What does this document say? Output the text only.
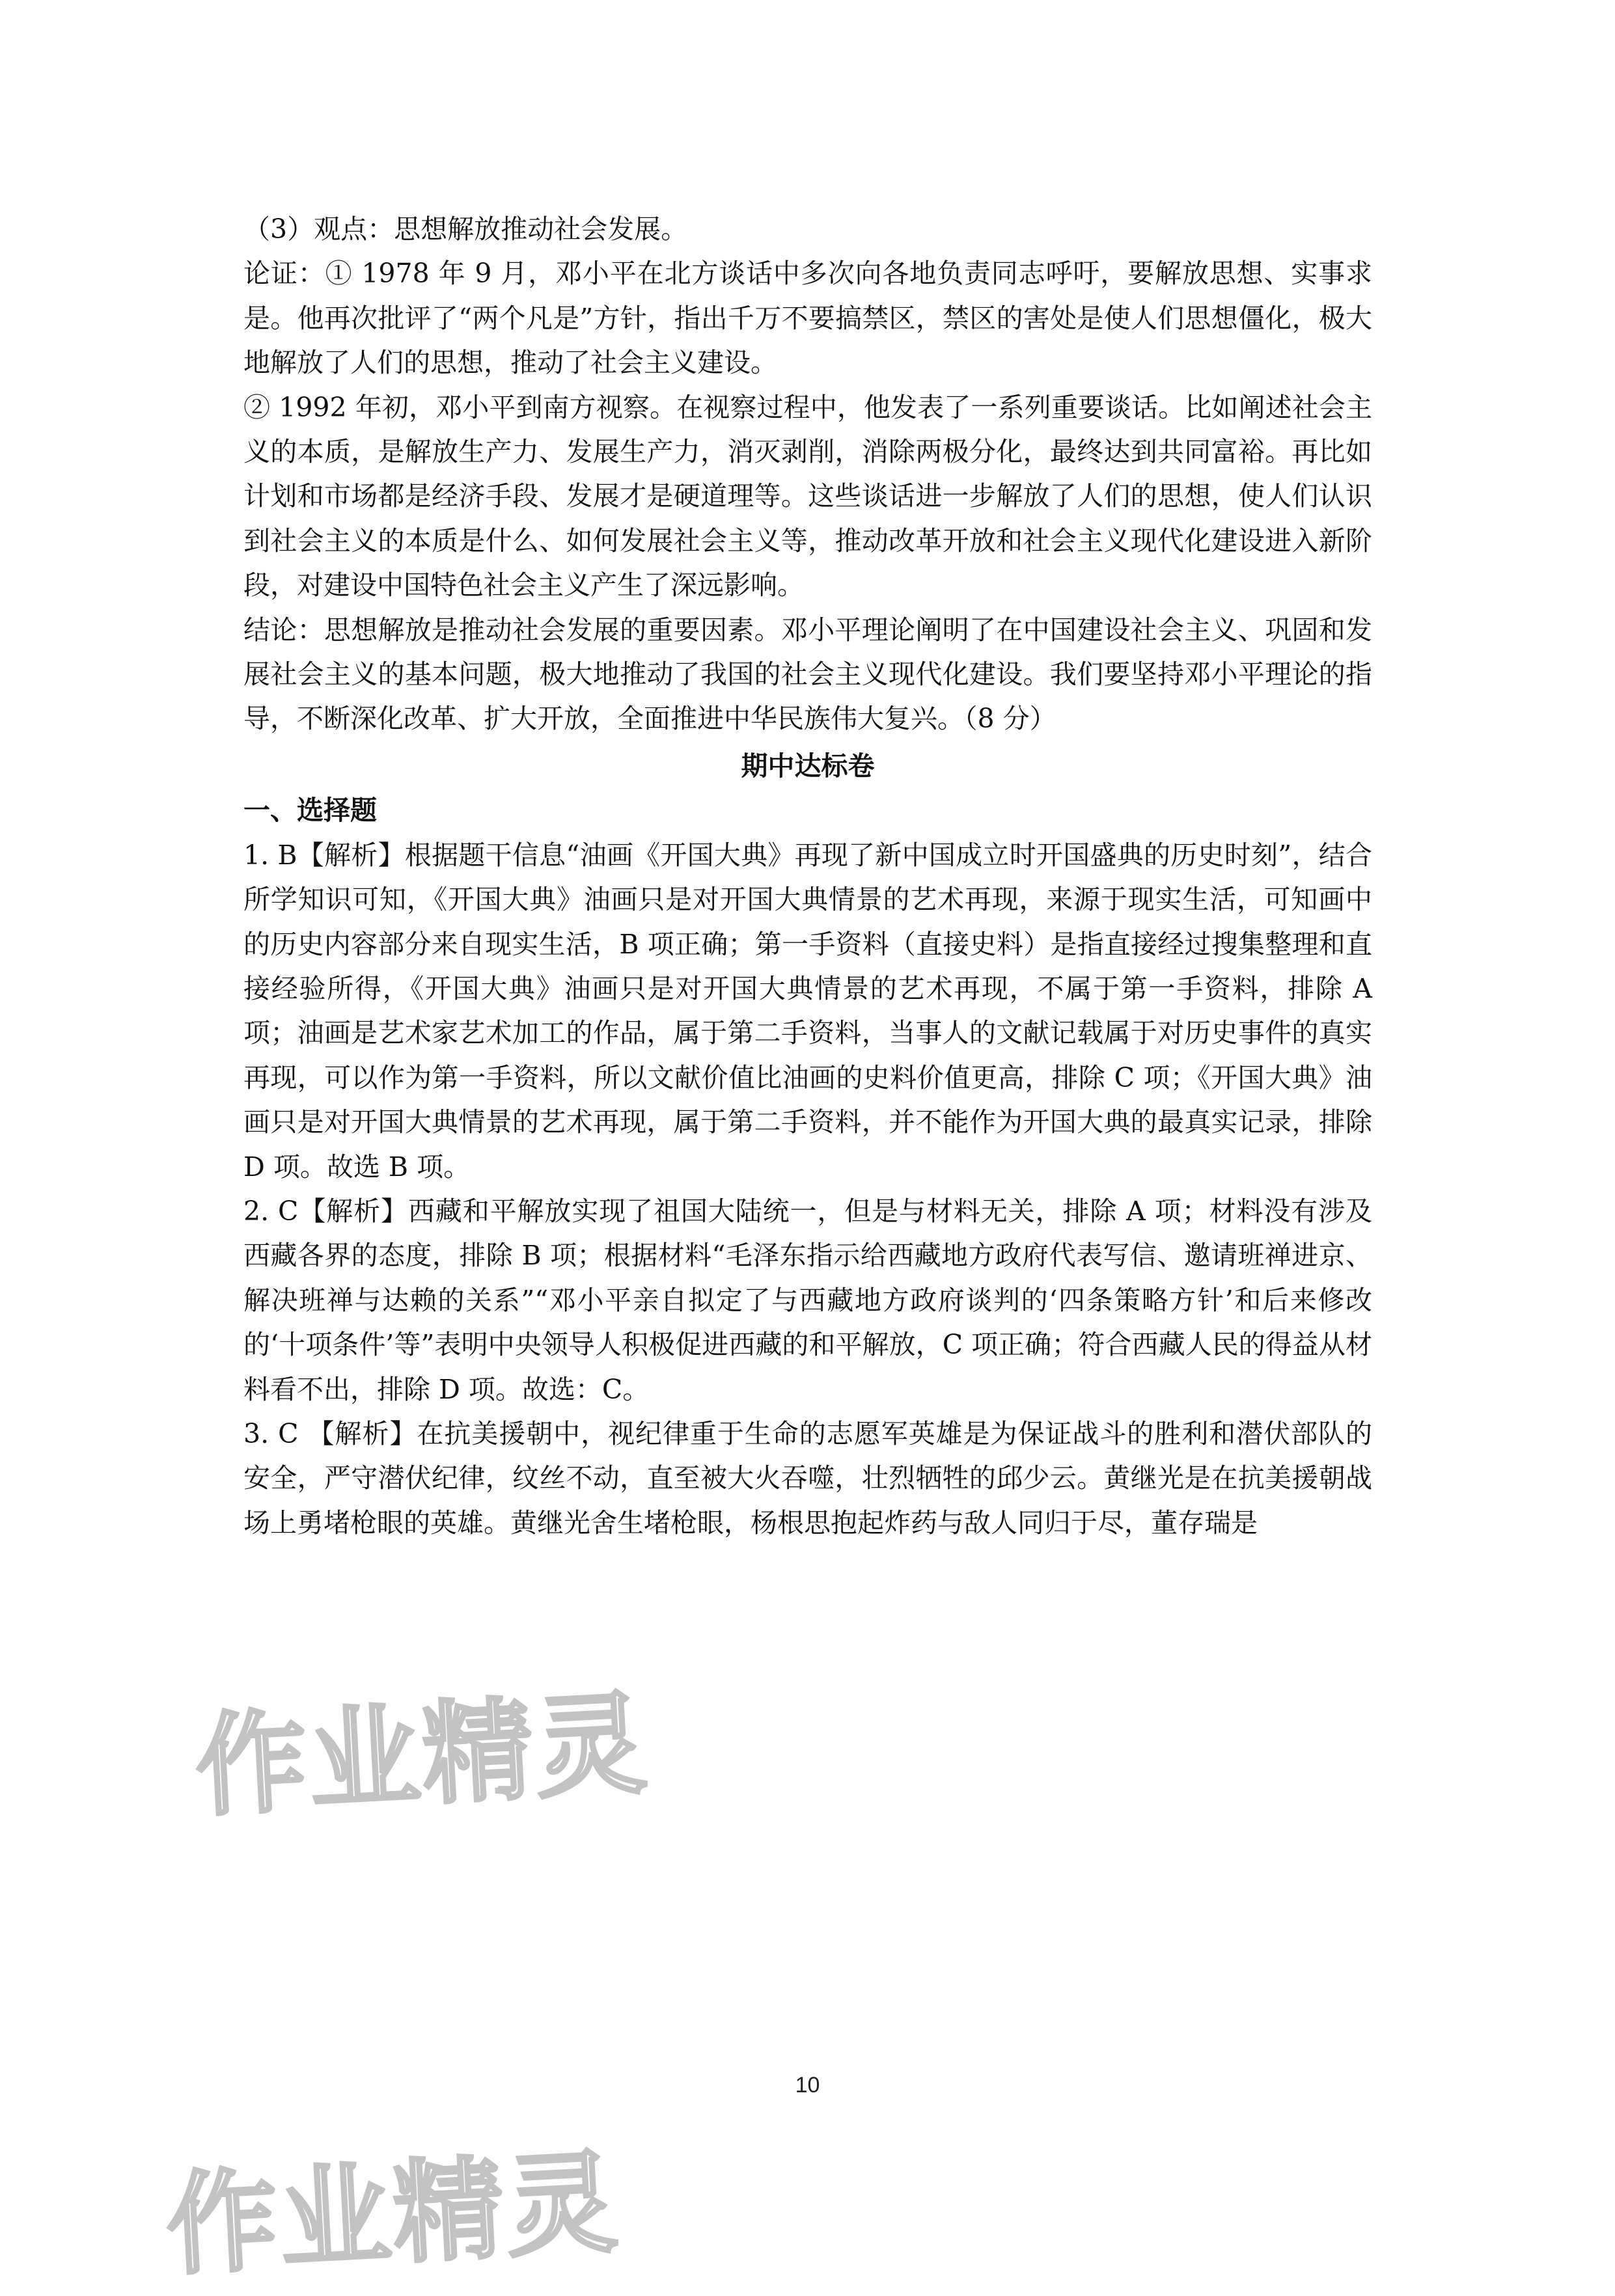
（3）观点：思想解放推动社会发展。

论证：① 1978 年 9 月，邓小平在北方谈话中多次向各地负责同志呼吁，要解放思想、实事求是。他再次批评了“两个凡是”方针，指出千万不要搞禁区，禁区的害处是使人们思想僵化，极大地解放了人们的思想，推动了社会主义建设。

② 1992 年初，邓小平到南方视察。在视察过程中，他发表了一系列重要谈话。比如阐述社会主义的本质，是解放生产力、发展生产力，消灭剥削，消除两极分化，最终达到共同富裕。再比如计划和市场都是经济手段、发展才是硬道理等。这些谈话进一步解放了人们的思想，使人们认识到社会主义的本质是什么、如何发展社会主义等，推动改革开放和社会主义现代化建设进入新阶段，对建设中国特色社会主义产生了深远影响。

结论：思想解放是推动社会发展的重要因素。邓小平理论阐明了在中国建设社会主义、巩固和发展社会主义的基本问题，极大地推动了我国的社会主义现代化建设。我们要坚持邓小平理论的指导，不断深化改革、扩大开放，全面推进中华民族伟大复兴。（8 分）

期中达标卷

一、选择题

1. B【解析】根据题干信息“油画《开国大典》再现了新中国成立时开国盛典的历史时刻”，结合所学知识可知，《开国大典》油画只是对开国大典情景的艺术再现，来源于现实生活，可知画中的历史内容部分来自现实生活，B 项正确；第一手资料（直接史料）是指直接经过搜集整理和直接经验所得，《开国大典》油画只是对开国大典情景的艺术再现，不属于第一手资料，排除 A 项；油画是艺术家艺术加工的作品，属于第二手资料，当事人的文献记载属于对历史事件的真实再现，可以作为第一手资料，所以文献价值比油画的史料价值更高，排除 C 项；《开国大典》油画只是对开国大典情景的艺术再现，属于第二手资料，并不能作为开国大典的最真实记录，排除 D 项。故选 B 项。

2. C【解析】西藏和平解放实现了祖国大陆统一，但是与材料无关，排除 A 项；材料没有涉及西藏各界的态度，排除 B 项；根据材料“毛泽东指示给西藏地方政府代表写信、邀请班禅进京、解决班禅与达赖的关系”“邓小平亲自拟定了与西藏地方政府谈判的‘四条策略方针’和后来修改的‘十项条件’等”表明中央领导人积极促进西藏的和平解放，C 项正确；符合西藏人民的得益从材料看不出，排除 D 项。故选：C。

3. C 【解析】在抗美援朝中，视纪律重于生命的志愿军英雄是为保证战斗的胜利和潜伏部队的安全，严守潜伏纪律，纹丝不动，直至被大火吞噬，壮烈牺牲的邱少云。黄继光是在抗美援朝战场上勇堵枪眼的英雄。黄继光舍生堵枪眼，杨根思抱起炸药与敌人同归于尽，董存瑞是

10
作业精灵
作业精灵
